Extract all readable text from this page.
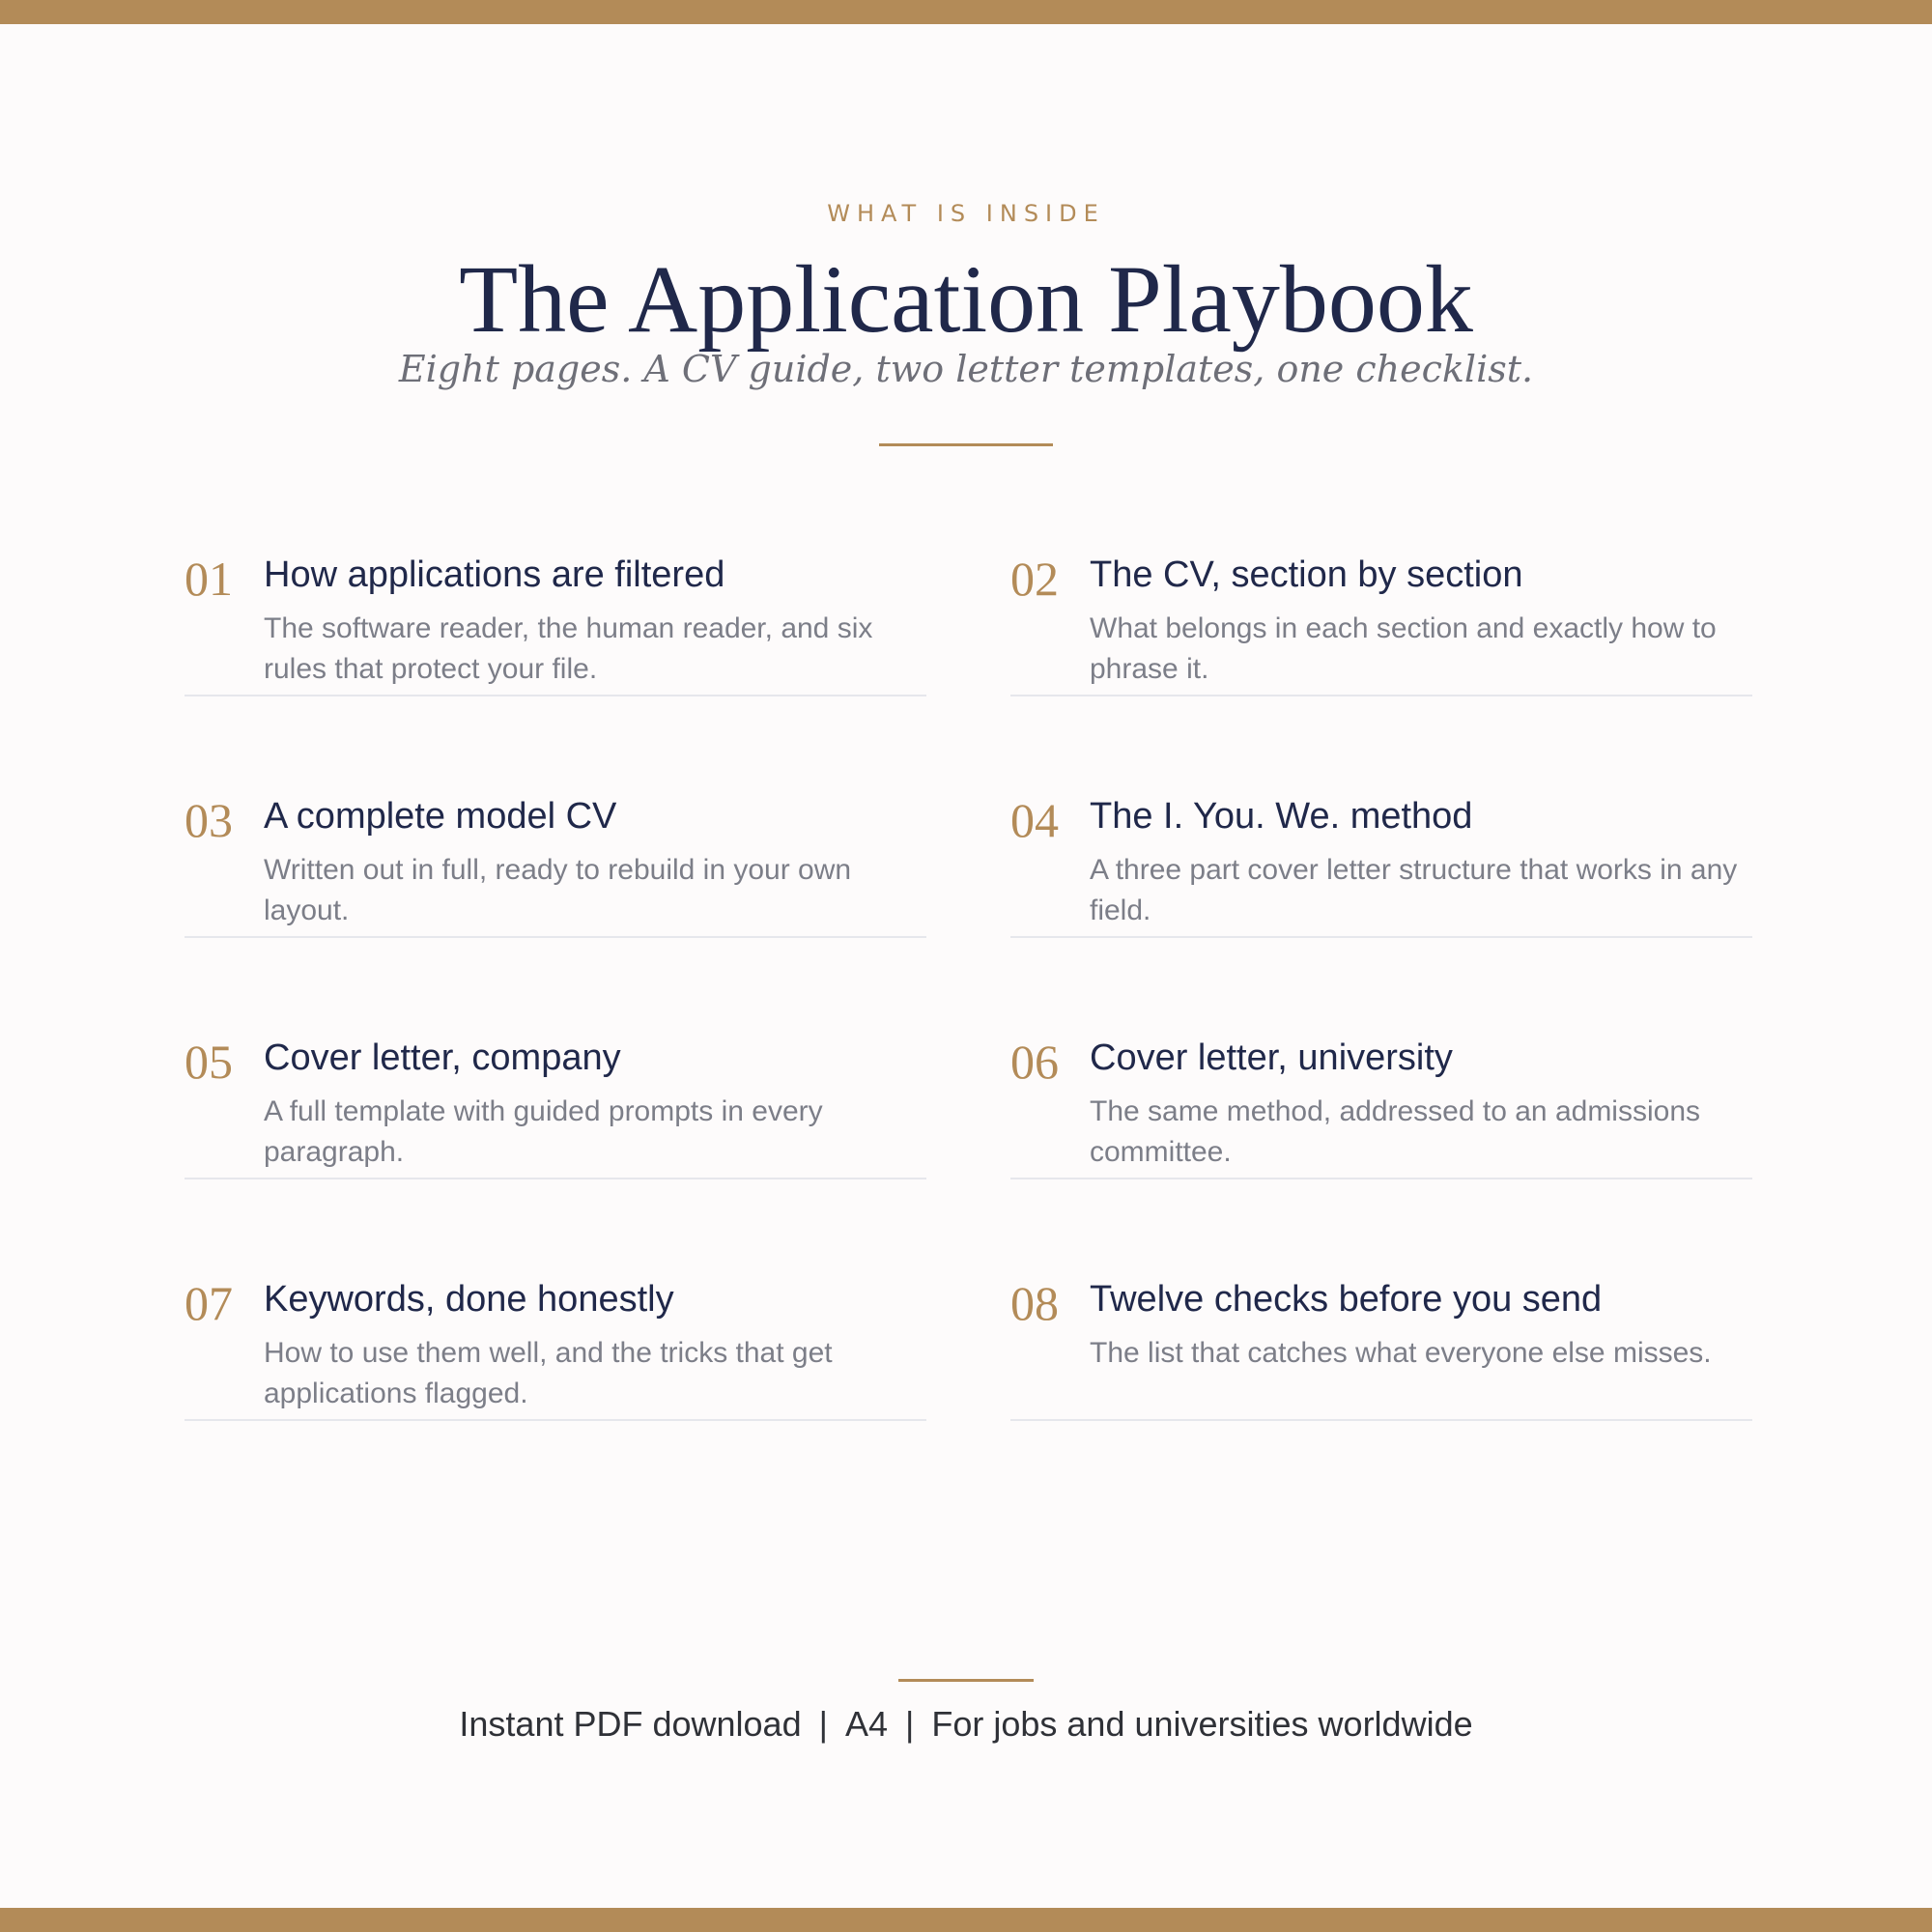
WHAT IS INSIDE
The Application Playbook
Eight pages. A CV guide, two letter templates, one checklist.
01 How applications are filtered
The software reader, the human reader, and six rules that protect your file.
02 The CV, section by section
What belongs in each section and exactly how to phrase it.
03 A complete model CV
Written out in full, ready to rebuild in your own layout.
04 The I. You. We. method
A three part cover letter structure that works in any field.
05 Cover letter, company
A full template with guided prompts in every paragraph.
06 Cover letter, university
The same method, addressed to an admissions committee.
07 Keywords, done honestly
How to use them well, and the tricks that get applications flagged.
08 Twelve checks before you send
The list that catches what everyone else misses.
Instant PDF download | A4 | For jobs and universities worldwide
